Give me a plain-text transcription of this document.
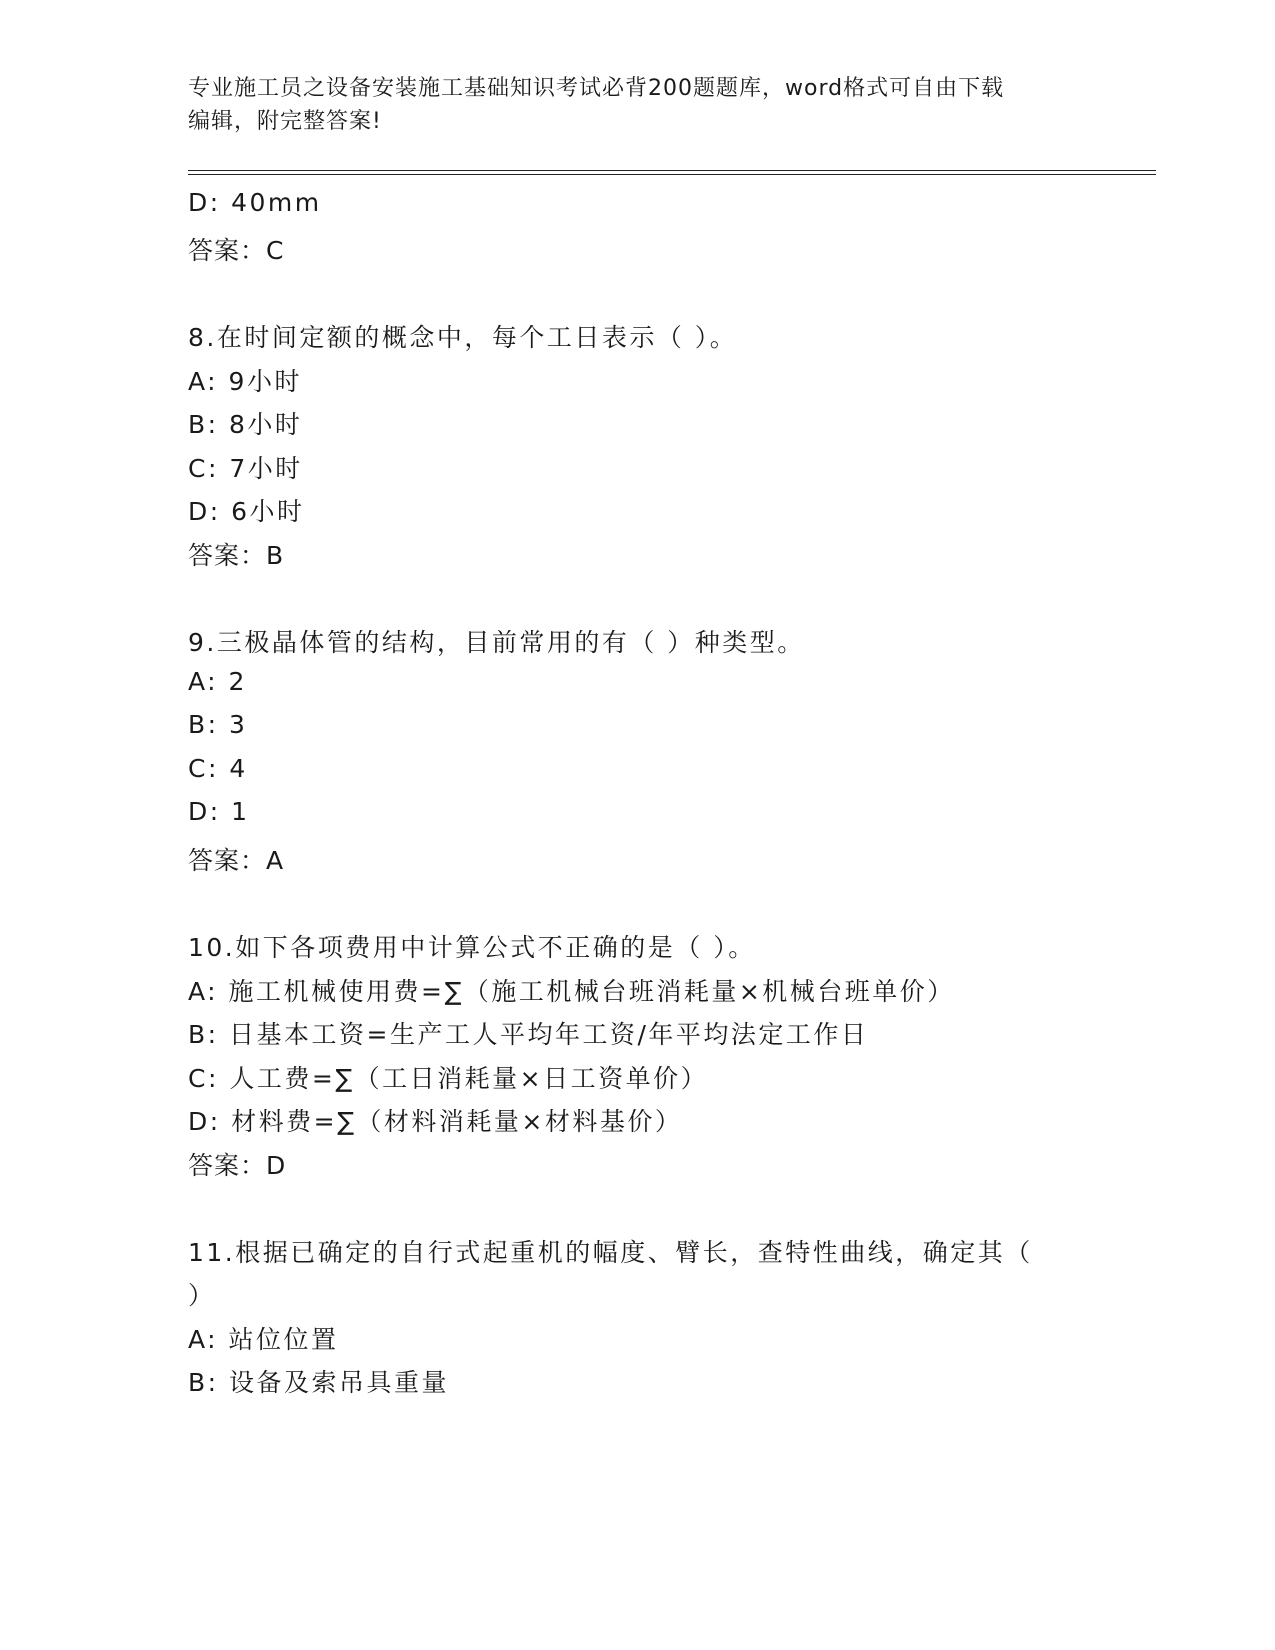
专业施工员之设备安装施工基础知识考试必背200题题库，word格式可自由下载
编辑，附完整答案!
D: 40mm
答案：C
8.在时间定额的概念中，每个工日表示（ ）。
A: 9小时
B: 8小时
C: 7小时
D: 6小时
答案：B
9.三极晶体管的结构，目前常用的有（ ）种类型。
A: 2
B: 3
C: 4
D: 1
答案：A
10.如下各项费用中计算公式不正确的是（ ）。
A: 施工机械使用费=∑（施工机械台班消耗量×机械台班单价）
B: 日基本工资=生产工人平均年工资/年平均法定工作日
C: 人工费=∑（工日消耗量×日工资单价）
D: 材料费=∑（材料消耗量×材料基价）
答案：D
11.根据已确定的自行式起重机的幅度、臂长，查特性曲线，确定其（
）
A: 站位位置
B: 设备及索吊具重量
